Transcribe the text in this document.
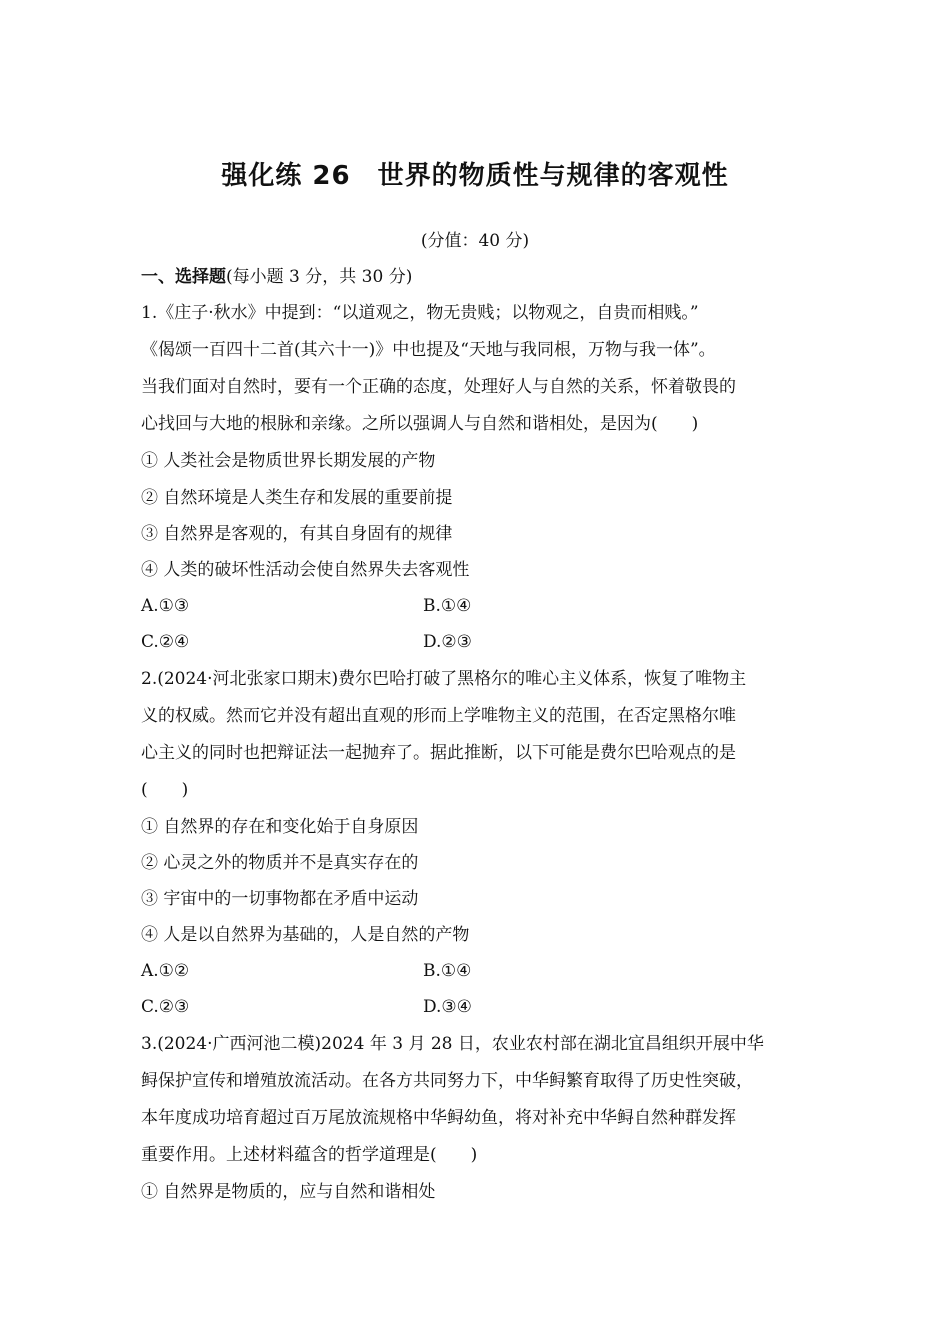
强化练 26　世界的物质性与规律的客观性
(分值：40 分)
一、选择题(每小题 3 分，共 30 分)
1.《庄子·秋水》中提到：“以道观之，物无贵贱；以物观之，自贵而相贱。”
《偈颂一百四十二首(其六十一)》中也提及“天地与我同根，万物与我一体”。
当我们面对自然时，要有一个正确的态度，处理好人与自然的关系，怀着敬畏的
心找回与大地的根脉和亲缘。之所以强调人与自然和谐相处，是因为(　　)
① 人类社会是物质世界长期发展的产物
② 自然环境是人类生存和发展的重要前提
③ 自然界是客观的，有其自身固有的规律
④ 人类的破坏性活动会使自然界失去客观性
A.①③	B.①④
C.②④	D.②③
2.(2024·河北张家口期末)费尔巴哈打破了黑格尔的唯心主义体系，恢复了唯物主
义的权威。然而它并没有超出直观的形而上学唯物主义的范围，在否定黑格尔唯
心主义的同时也把辩证法一起抛弃了。据此推断，以下可能是费尔巴哈观点的是
(　　)
① 自然界的存在和变化始于自身原因
② 心灵之外的物质并不是真实存在的
③ 宇宙中的一切事物都在矛盾中运动
④ 人是以自然界为基础的，人是自然的产物
A.①②	B.①④
C.②③	D.③④
3.(2024·广西河池二模)2024 年 3 月 28 日，农业农村部在湖北宜昌组织开展中华
鲟保护宣传和增殖放流活动。在各方共同努力下，中华鲟繁育取得了历史性突破，
本年度成功培育超过百万尾放流规格中华鲟幼鱼，将对补充中华鲟自然种群发挥
重要作用。上述材料蕴含的哲学道理是(　　)
① 自然界是物质的，应与自然和谐相处
